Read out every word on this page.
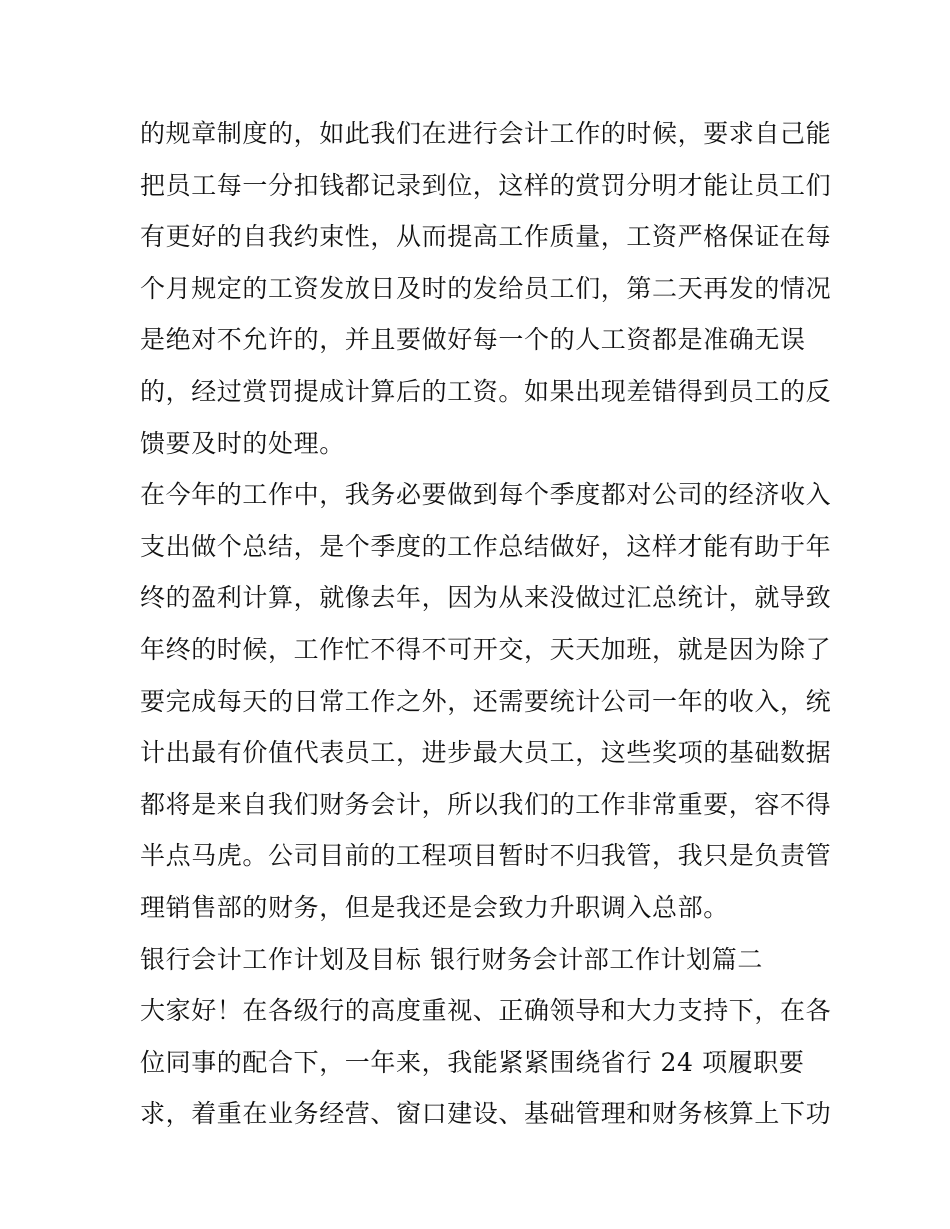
的规章制度的，如此我们在进行会计工作的时候，要求自己能
把员工每一分扣钱都记录到位，这样的赏罚分明才能让员工们
有更好的自我约束性，从而提高工作质量，工资严格保证在每
个月规定的工资发放日及时的发给员工们，第二天再发的情况
是绝对不允许的，并且要做好每一个的人工资都是准确无误
的，经过赏罚提成计算后的工资。如果出现差错得到员工的反
馈要及时的处理。
在今年的工作中，我务必要做到每个季度都对公司的经济收入
支出做个总结，是个季度的工作总结做好，这样才能有助于年
终的盈利计算，就像去年，因为从来没做过汇总统计，就导致
年终的时候，工作忙不得不可开交，天天加班，就是因为除了
要完成每天的日常工作之外，还需要统计公司一年的收入，统
计出最有价值代表员工，进步最大员工，这些奖项的基础数据
都将是来自我们财务会计，所以我们的工作非常重要，容不得
半点马虎。公司目前的工程项目暂时不归我管，我只是负责管
理销售部的财务，但是我还是会致力升职调入总部。
银行会计工作计划及目标 银行财务会计部工作计划篇二
大家好！在各级行的高度重视、正确领导和大力支持下，在各
位同事的配合下，一年来，我能紧紧围绕省行 24 项履职要
求，着重在业务经营、窗口建设、基础管理和财务核算上下功
